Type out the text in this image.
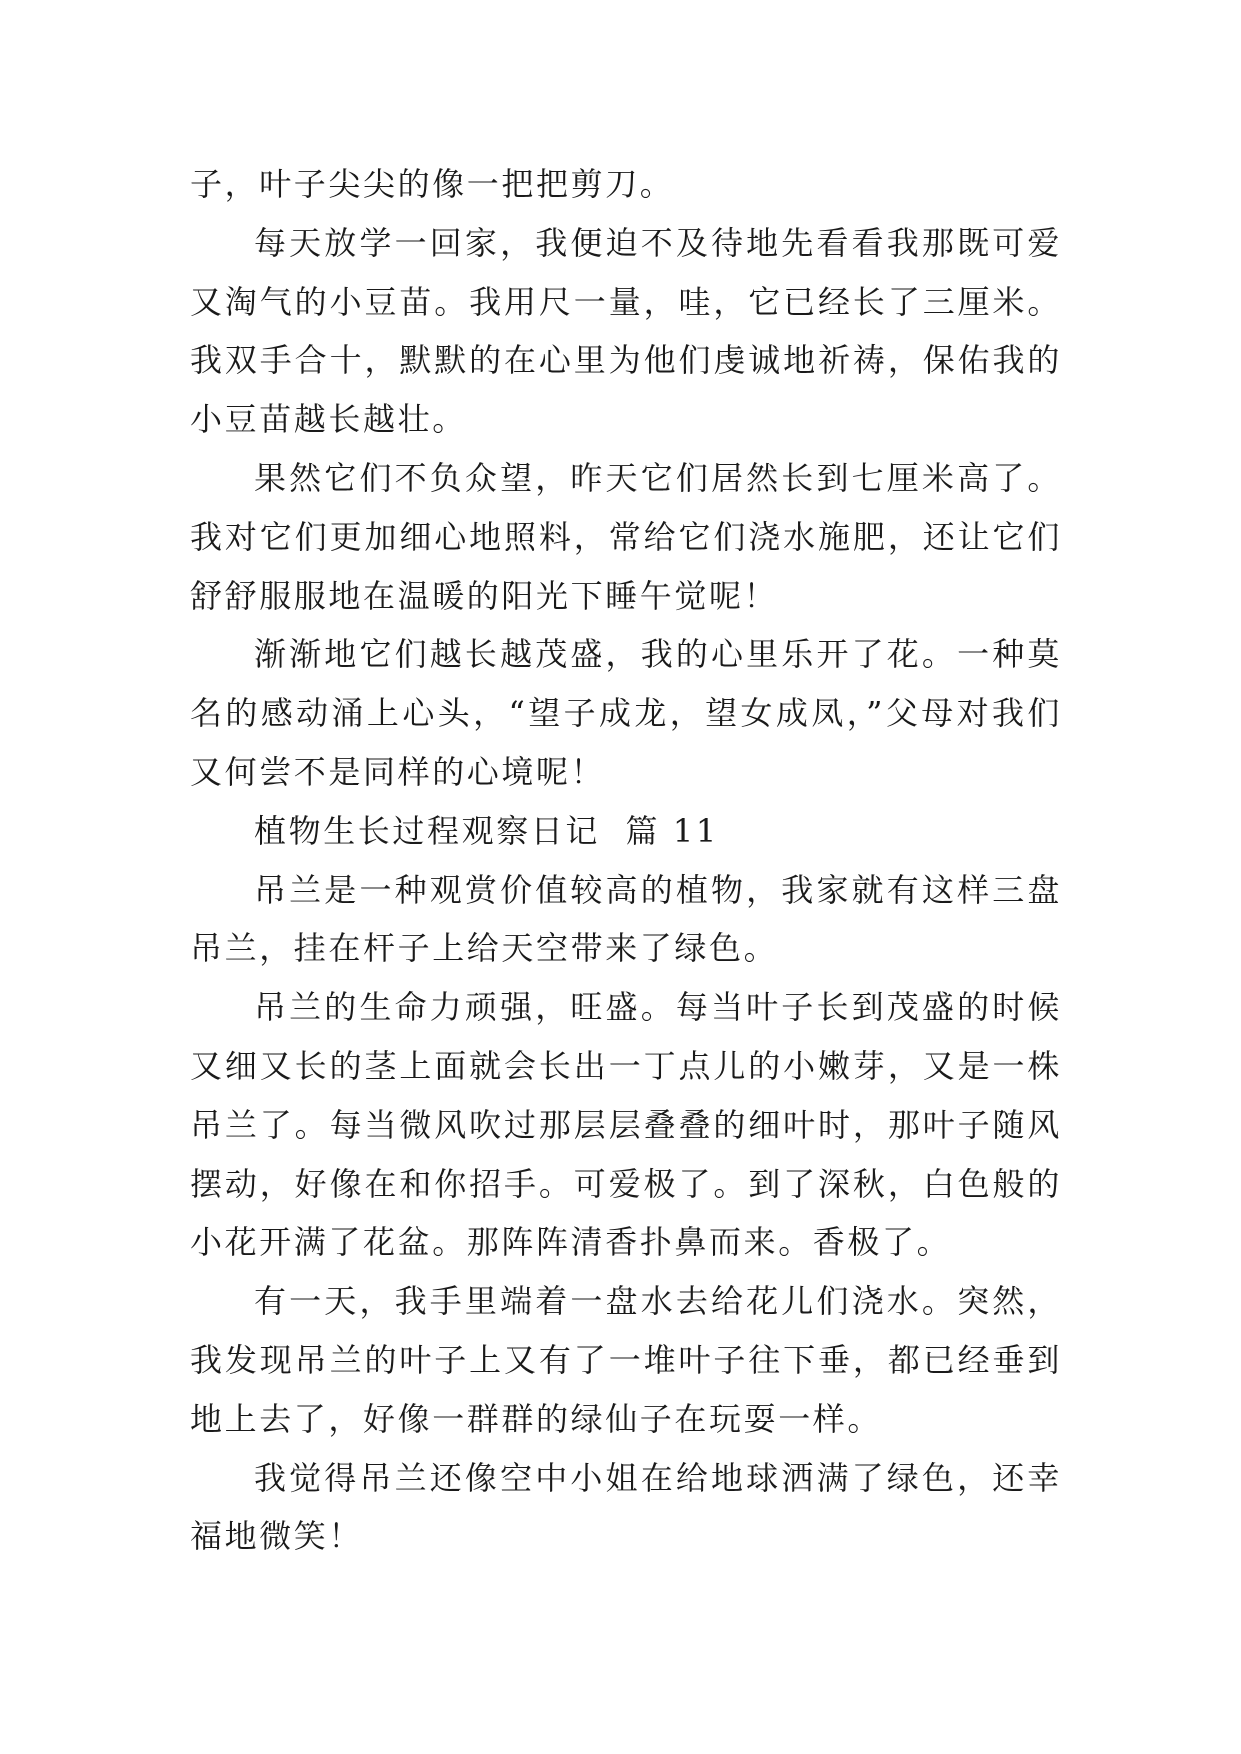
子，叶子尖尖的像一把把剪刀。

每天放学一回家，我便迫不及待地先看看我那既可爱又淘气的小豆苗。我用尺一量，哇，它已经长了三厘米。我双手合十，默默的在心里为他们虔诚地祈祷，保佑我的小豆苗越长越壮。

果然它们不负众望，昨天它们居然长到七厘米高了。我对它们更加细心地照料，常给它们浇水施肥，还让它们舒舒服服地在温暖的阳光下睡午觉呢！

渐渐地它们越长越茂盛，我的心里乐开了花。一种莫名的感动涌上心头，“望子成龙，望女成凤，”父母对我们又何尝不是同样的心境呢！

植物生长过程观察日记  篇 11

吊兰是一种观赏价值较高的植物，我家就有这样三盘吊兰，挂在杆子上给天空带来了绿色。

吊兰的生命力顽强，旺盛。每当叶子长到茂盛的时候又细又长的茎上面就会长出一丁点儿的小嫩芽，又是一株吊兰了。每当微风吹过那层层叠叠的细叶时，那叶子随风摆动，好像在和你招手。可爱极了。到了深秋，白色般的小花开满了花盆。那阵阵清香扑鼻而来。香极了。

有一天，我手里端着一盘水去给花儿们浇水。突然，我发现吊兰的叶子上又有了一堆叶子往下垂，都已经垂到地上去了，好像一群群的绿仙子在玩耍一样。

我觉得吊兰还像空中小姐在给地球洒满了绿色，还幸福地微笑！
